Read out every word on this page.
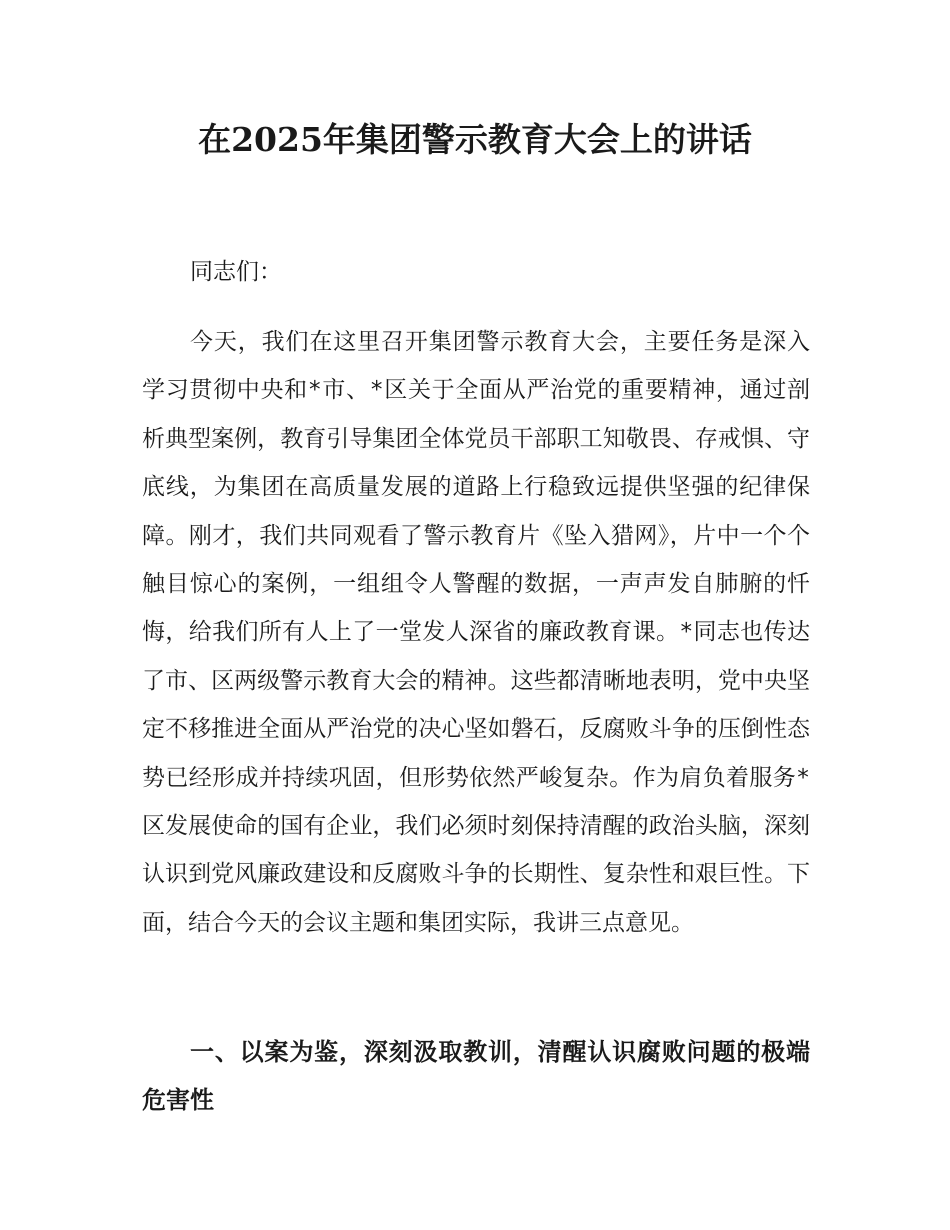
在2025年集团警示教育大会上的讲话
同志们：

今天，我们在这里召开集团警示教育大会，主要任务是深入学习贯彻中央和*市、*区关于全面从严治党的重要精神，通过剖析典型案例，教育引导集团全体党员干部职工知敬畏、存戒惧、守底线，为集团在高质量发展的道路上行稳致远提供坚强的纪律保障。刚才，我们共同观看了警示教育片《坠入猎网》，片中一个个触目惊心的案例，一组组令人警醒的数据，一声声发自肺腑的忏悔，给我们所有人上了一堂发人深省的廉政教育课。*同志也传达了市、区两级警示教育大会的精神。这些都清晰地表明，党中央坚定不移推进全面从严治党的决心坚如磐石，反腐败斗争的压倒性态势已经形成并持续巩固，但形势依然严峻复杂。作为肩负着服务*区发展使命的国有企业，我们必须时刻保持清醒的政治头脑，深刻认识到党风廉政建设和反腐败斗争的长期性、复杂性和艰巨性。下面，结合今天的会议主题和集团实际，我讲三点意见。

一、以案为鉴，深刻汲取教训，清醒认识腐败问题的极端危害性
